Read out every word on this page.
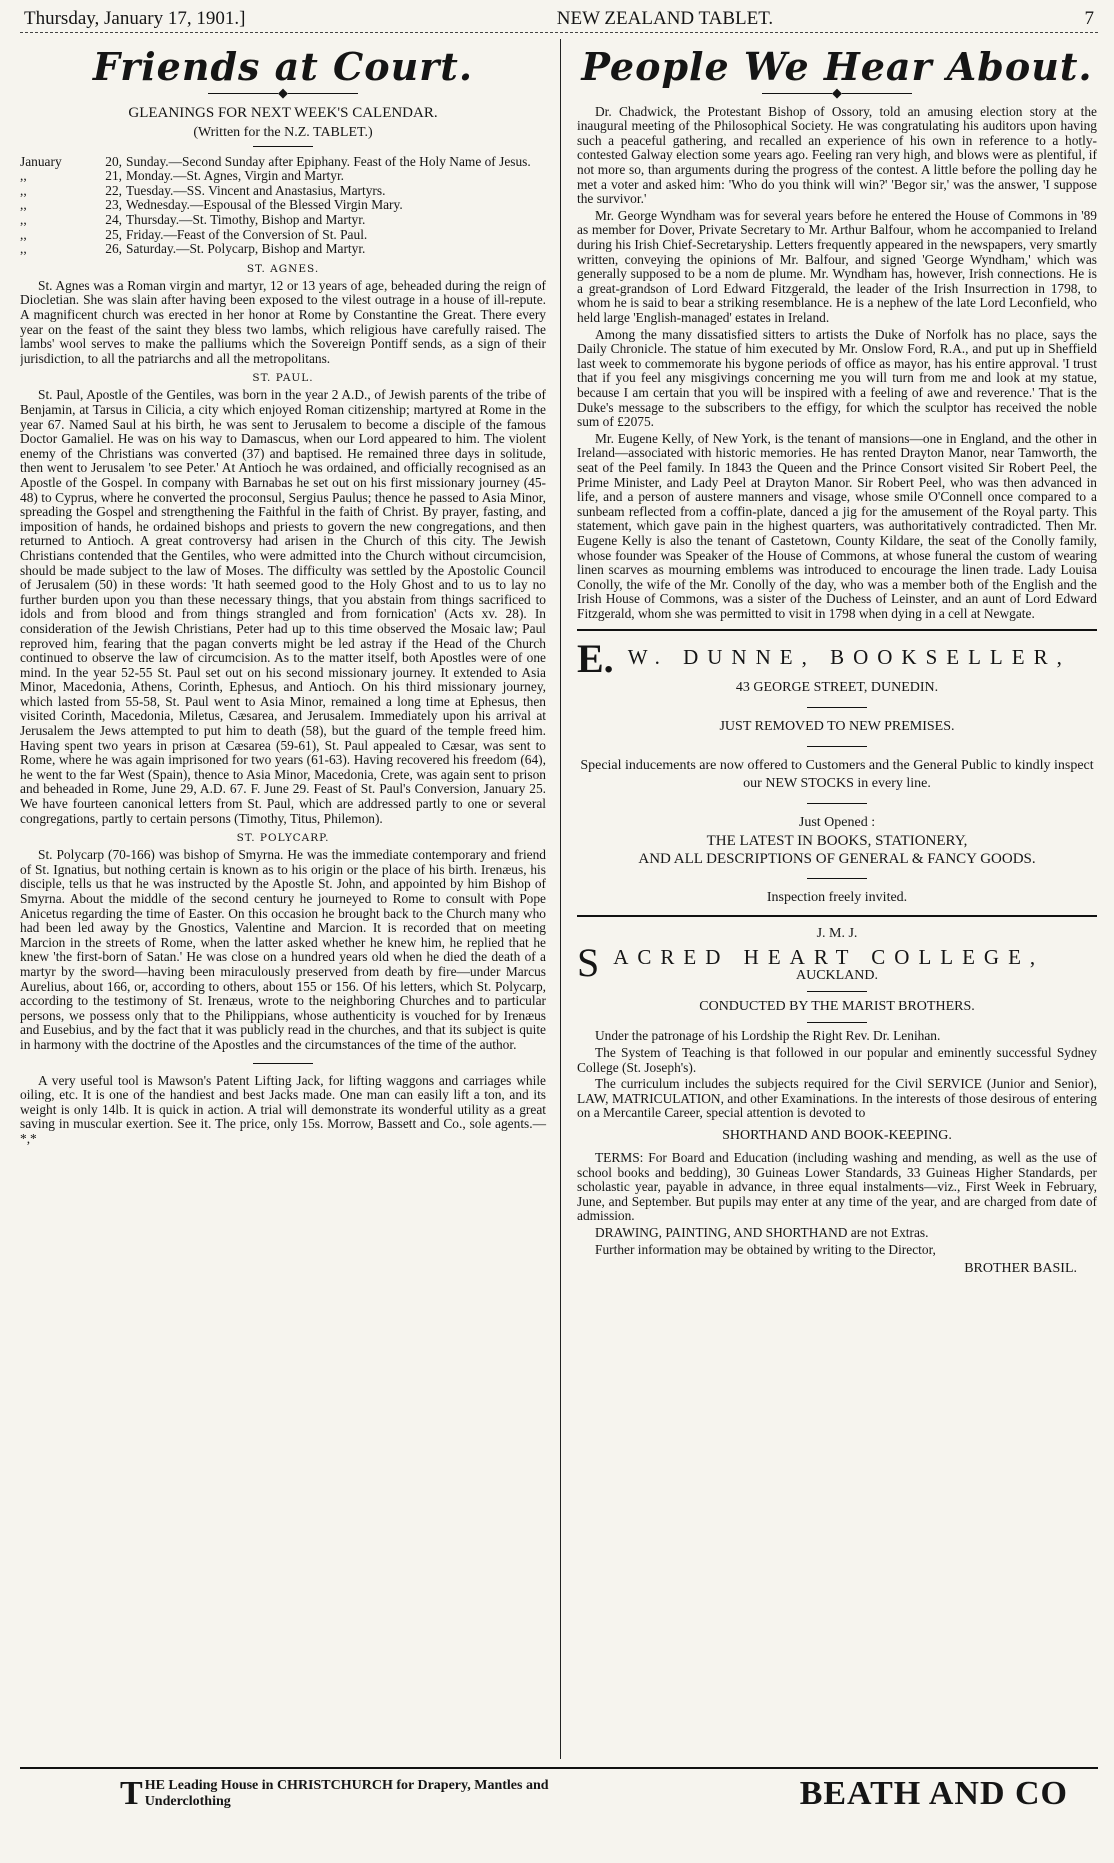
Thursday, January 17, 1901.]	NEW ZEALAND TABLET.	7
Friends at Court.
◆
GLEANINGS FOR NEXT WEEK'S CALENDAR.
(Written for the N.Z. TABLET.)
January	20, Sunday.—Second Sunday after Epiphany. Feast of the Holy Name of Jesus.
,,	21, Monday.—St. Agnes, Virgin and Martyr.
,,	22, Tuesday.—SS. Vincent and Anastasius, Martyrs.
,,	23, Wednesday.—Espousal of the Blessed Virgin Mary.
,,	24, Thursday.—St. Timothy, Bishop and Martyr.
,,	25, Friday.—Feast of the Conversion of St. Paul.
,,	26, Saturday.—St. Polycarp, Bishop and Martyr.
ST. AGNES.

St. Agnes was a Roman virgin and martyr, 12 or 13 years of age, beheaded during the reign of Diocletian. She was slain after having been exposed to the vilest outrage in a house of ill-repute. A magnificent church was erected in her honor at Rome by Constantine the Great. There every year on the feast of the saint they bless two lambs, which religious have carefully raised. The lambs' wool serves to make the palliums which the Sovereign Pontiff sends, as a sign of their jurisdiction, to all the patriarchs and all the metropolitans.

ST. PAUL.

St. Paul, Apostle of the Gentiles, was born in the year 2 A.D., of Jewish parents of the tribe of Benjamin, at Tarsus in Cilicia, a city which enjoyed Roman citizenship; martyred at Rome in the year 67. Named Saul at his birth, he was sent to Jerusalem to become a disciple of the famous Doctor Gamaliel. He was on his way to Damascus, when our Lord appeared to him. The violent enemy of the Christians was converted (37) and baptised. He remained three days in solitude, then went to Jerusalem 'to see Peter.' At Antioch he was ordained, and officially recognised as an Apostle of the Gospel. In company with Barnabas he set out on his first missionary journey (45-48) to Cyprus, where he converted the proconsul, Sergius Paulus; thence he passed to Asia Minor, spreading the Gospel and strengthening the Faithful in the faith of Christ. By prayer, fasting, and imposition of hands, he ordained bishops and priests to govern the new congregations, and then returned to Antioch. A great controversy had arisen in the Church of this city. The Jewish Christians contended that the Gentiles, who were admitted into the Church without circumcision, should be made subject to the law of Moses. The difficulty was settled by the Apostolic Council of Jerusalem (50) in these words: 'It hath seemed good to the Holy Ghost and to us to lay no further burden upon you than these necessary things, that you abstain from things sacrificed to idols and from blood and from things strangled and from fornication' (Acts xv. 28). In consideration of the Jewish Christians, Peter had up to this time observed the Mosaic law; Paul reproved him, fearing that the pagan converts might be led astray if the Head of the Church continued to observe the law of circumcision. As to the matter itself, both Apostles were of one mind. In the year 52-55 St. Paul set out on his second missionary journey. It extended to Asia Minor, Macedonia, Athens, Corinth, Ephesus, and Antioch. On his third missionary journey, which lasted from 55-58, St. Paul went to Asia Minor, remained a long time at Ephesus, then visited Corinth, Macedonia, Miletus, Cæsarea, and Jerusalem. Immediately upon his arrival at Jerusalem the Jews attempted to put him to death (58), but the guard of the temple freed him. Having spent two years in prison at Cæsarea (59-61), St. Paul appealed to Cæsar, was sent to Rome, where he was again imprisoned for two years (61-63). Having recovered his freedom (64), he went to the far West (Spain), thence to Asia Minor, Macedonia, Crete, was again sent to prison and beheaded in Rome, June 29, A.D. 67. F. June 29. Feast of St. Paul's Conversion, January 25. We have fourteen canonical letters from St. Paul, which are addressed partly to one or several congregations, partly to certain persons (Timothy, Titus, Philemon).

ST. POLYCARP.

St. Polycarp (70-166) was bishop of Smyrna. He was the immediate contemporary and friend of St. Ignatius, but nothing certain is known as to his origin or the place of his birth. Irenæus, his disciple, tells us that he was instructed by the Apostle St. John, and appointed by him Bishop of Smyrna. About the middle of the second century he journeyed to Rome to consult with Pope Anicetus regarding the time of Easter. On this occasion he brought back to the Church many who had been led away by the Gnostics, Valentine and Marcion. It is recorded that on meeting Marcion in the streets of Rome, when the latter asked whether he knew him, he replied that he knew 'the first-born of Satan.' He was close on a hundred years old when he died the death of a martyr by the sword—having been miraculously preserved from death by fire—under Marcus Aurelius, about 166, or, according to others, about 155 or 156. Of his letters, which St. Polycarp, according to the testimony of St. Irenæus, wrote to the neighboring Churches and to particular persons, we possess only that to the Philippians, whose authenticity is vouched for by Irenæus and Eusebius, and by the fact that it was publicly read in the churches, and that its subject is quite in harmony with the doctrine of the Apostles and the circumstances of the time of the author.

A very useful tool is Mawson's Patent Lifting Jack, for lifting waggons and carriages while oiling, etc. It is one of the handiest and best Jacks made. One man can easily lift a ton, and its weight is only 14lb. It is quick in action. A trial will demonstrate its wonderful utility as a great saving in muscular exertion. See it. The price, only 15s. Morrow, Bassett and Co., sole agents.—*,*

People We Hear About.
◆

Dr. Chadwick, the Protestant Bishop of Ossory, told an amusing election story at the inaugural meeting of the Philosophical Society. He was congratulating his auditors upon having such a peaceful gathering, and recalled an experience of his own in reference to a hotly-contested Galway election some years ago. Feeling ran very high, and blows were as plentiful, if not more so, than arguments during the progress of the contest. A little before the polling day he met a voter and asked him: 'Who do you think will win?' 'Begor sir,' was the answer, 'I suppose the survivor.'

Mr. George Wyndham was for several years before he entered the House of Commons in '89 as member for Dover, Private Secretary to Mr. Arthur Balfour, whom he accompanied to Ireland during his Irish Chief-Secretaryship. Letters frequently appeared in the newspapers, very smartly written, conveying the opinions of Mr. Balfour, and signed 'George Wyndham,' which was generally supposed to be a nom de plume. Mr. Wyndham has, however, Irish connections. He is a great-grandson of Lord Edward Fitzgerald, the leader of the Irish Insurrection in 1798, to whom he is said to bear a striking resemblance. He is a nephew of the late Lord Leconfield, who held large 'English-managed' estates in Ireland.

Among the many dissatisfied sitters to artists the Duke of Norfolk has no place, says the Daily Chronicle. The statue of him executed by Mr. Onslow Ford, R.A., and put up in Sheffield last week to commemorate his bygone periods of office as mayor, has his entire approval. 'I trust that if you feel any misgivings concerning me you will turn from me and look at my statue, because I am certain that you will be inspired with a feeling of awe and reverence.' That is the Duke's message to the subscribers to the effigy, for which the sculptor has received the noble sum of £2075.

Mr. Eugene Kelly, of New York, is the tenant of mansions—one in England, and the other in Ireland—associated with historic memories. He has rented Drayton Manor, near Tamworth, the seat of the Peel family. In 1843 the Queen and the Prince Consort visited Sir Robert Peel, the Prime Minister, and Lady Peel at Drayton Manor. Sir Robert Peel, who was then advanced in life, and a person of austere manners and visage, whose smile O'Connell once compared to a sunbeam reflected from a coffin-plate, danced a jig for the amusement of the Royal party. This statement, which gave pain in the highest quarters, was authoritatively contradicted. Then Mr. Eugene Kelly is also the tenant of Castetown, County Kildare, the seat of the Conolly family, whose founder was Speaker of the House of Commons, at whose funeral the custom of wearing linen scarves as mourning emblems was introduced to encourage the linen trade. Lady Louisa Conolly, the wife of the Mr. Conolly of the day, who was a member both of the English and the Irish House of Commons, was a sister of the Duchess of Leinster, and an aunt of Lord Edward Fitzgerald, whom she was permitted to visit in 1798 when dying in a cell at Newgate.

E. W. DUNNE, BOOKSELLER,
43 GEORGE STREET, DUNEDIN.
JUST REMOVED TO NEW PREMISES.
Special inducements are now offered to Customers and the General Public to kindly inspect our NEW STOCKS in every line.
Just Opened :
THE LATEST IN BOOKS, STATIONERY,
AND ALL DESCRIPTIONS OF GENERAL & FANCY GOODS.
Inspection freely invited.
J. M. J.
S ACRED HEART COLLEGE,
AUCKLAND.
CONDUCTED BY THE MARIST BROTHERS.

Under the patronage of his Lordship the Right Rev. Dr. Lenihan.

The System of Teaching is that followed in our popular and eminently successful Sydney College (St. Joseph's).

The curriculum includes the subjects required for the Civil SERVICE (Junior and Senior), LAW, MATRICULATION, and other Examinations. In the interests of those desirous of entering on a Mercantile Career, special attention is devoted to

SHORTHAND AND BOOK-KEEPING.

TERMS: For Board and Education (including washing and mending, as well as the use of school books and bedding), 30 Guineas Lower Standards, 33 Guineas Higher Standards, per scholastic year, payable in advance, in three equal instalments—viz., First Week in February, June, and September. But pupils may enter at any time of the year, and are charged from date of admission.

DRAWING, PAINTING, AND SHORTHAND are not Extras.

Further information may be obtained by writing to the Director,

BROTHER BASIL.
T HE Leading House in CHRISTCHURCH for Drapery, Mantles and Underclothing	BEATH AND CO
